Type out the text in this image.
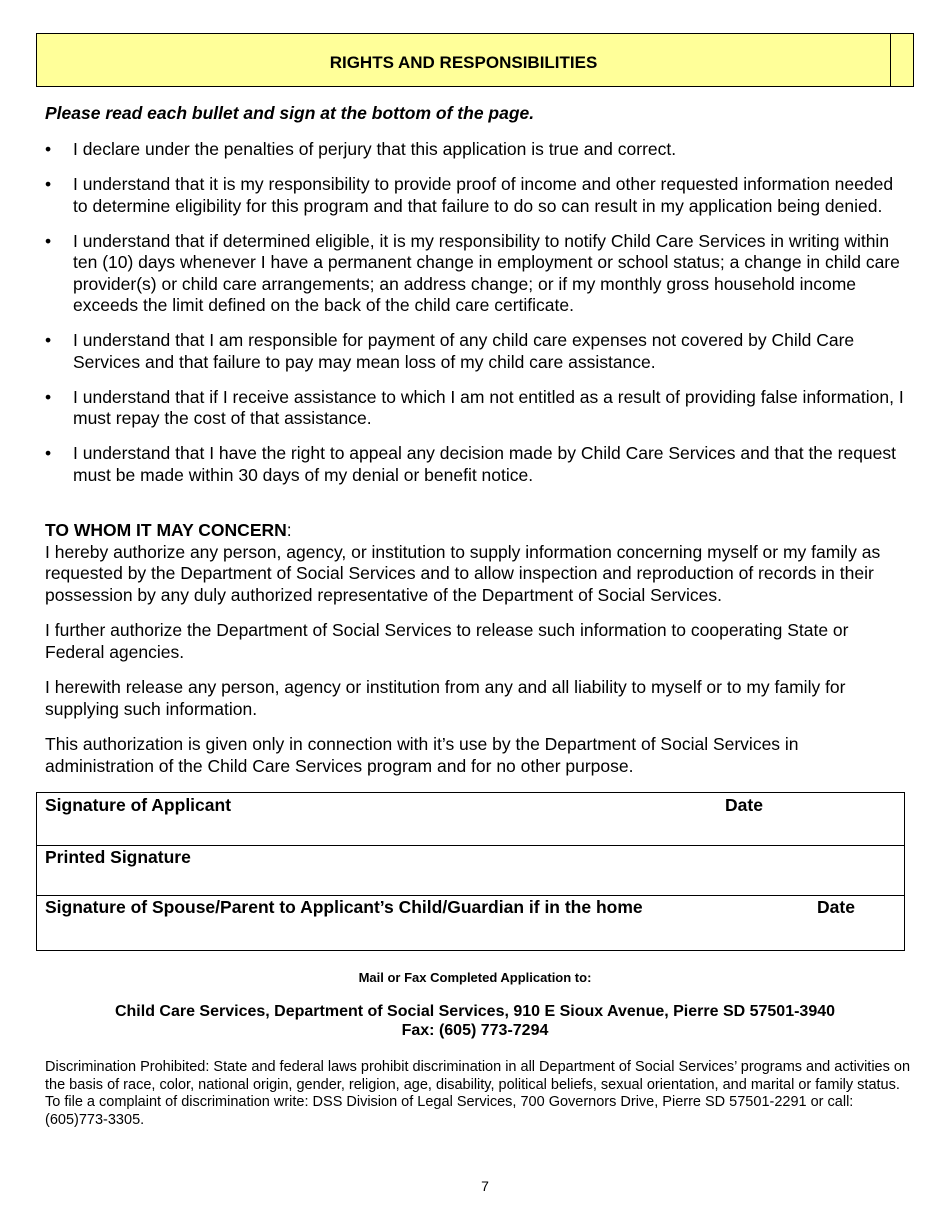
RIGHTS AND RESPONSIBILITIES
Please read each bullet and sign at the bottom of the page.
• I declare under the penalties of perjury that this application is true and correct.
• I understand that it is my responsibility to provide proof of income and other requested information needed to determine eligibility for this program and that failure to do so can result in my application being denied.
• I understand that if determined eligible, it is my responsibility to notify Child Care Services in writing within ten (10) days whenever I have a permanent change in employment or school status; a change in child care provider(s) or child care arrangements; an address change; or if my monthly gross household income exceeds the limit defined on the back of the child care certificate.
• I understand that I am responsible for payment of any child care expenses not covered by Child Care Services and that failure to pay may mean loss of my child care assistance.
• I understand that if I receive assistance to which I am not entitled as a result of providing false information, I must repay the cost of that assistance.
• I understand that I have the right to appeal any decision made by Child Care Services and that the request must be made within 30 days of my denial or benefit notice.

TO WHOM IT MAY CONCERN:

I hereby authorize any person, agency, or institution to supply information concerning myself or my family as requested by the Department of Social Services and to allow inspection and reproduction of records in their possession by any duly authorized representative of the Department of Social Services.

I further authorize the Department of Social Services to release such information to cooperating State or Federal agencies.

I herewith release any person, agency or institution from any and all liability to myself or to my family for supplying such information.

This authorization is given only in connection with it’s use by the Department of Social Services in administration of the Child Care Services program and for no other purpose.

Signature of Applicant	Date
Printed Signature
Signature of Spouse/Parent to Applicant’s Child/Guardian if in the home	Date
Mail or Fax Completed Application to:
Child Care Services, Department of Social Services, 910 E Sioux Avenue, Pierre SD 57501-3940
Fax: (605) 773-7294
Discrimination Prohibited: State and federal laws prohibit discrimination in all Department of Social Services’ programs and activities on the basis of race, color, national origin, gender, religion, age, disability, political beliefs, sexual orientation, and marital or family status. To file a complaint of discrimination write: DSS Division of Legal Services, 700 Governors Drive, Pierre SD 57501-2291 or call: (605)773-3305.
7
